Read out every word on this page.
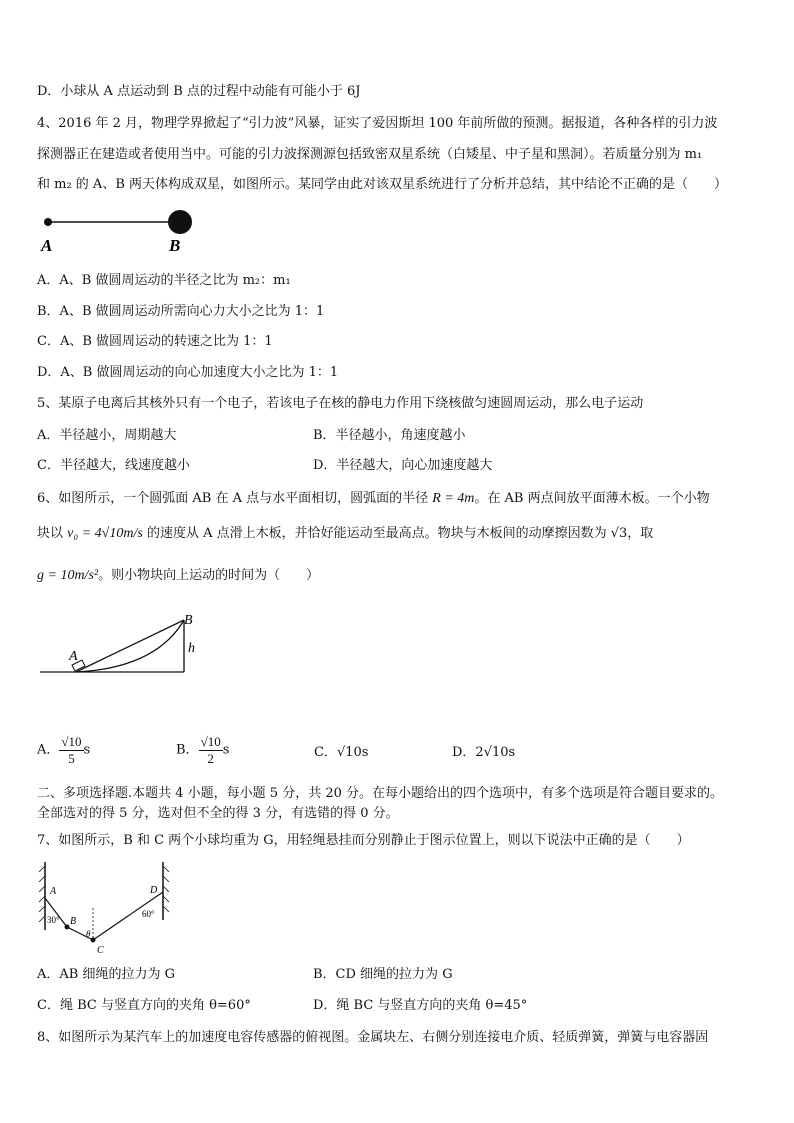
D．小球从 A 点运动到 B 点的过程中动能有可能小于 6J
4、2016 年 2 月，物理学界掀起了“引力波”风暴，证实了爱因斯坦 100 年前所做的预测。据报道，各种各样的引力波
探测器正在建造或者使用当中。可能的引力波探测源包括致密双星系统（白矮星、中子星和黑洞）。若质量分别为 m₁
和 m₂ 的 A、B 两天体构成双星，如图所示。某同学由此对该双星系统进行了分析并总结，其中结论不正确的是（　　）
A	B
A．A、B 做圆周运动的半径之比为 m₂：m₁
B．A、B 做圆周运动所需向心力大小之比为 1：1
C．A、B 做圆周运动的转速之比为 1：1
D．A、B 做圆周运动的向心加速度大小之比为 1：1
5、某原子电离后其核外只有一个电子，若该电子在核的静电力作用下绕核做匀速圆周运动，那么电子运动
A．半径越小，周期越大	B．半径越小，角速度越小
C．半径越大，线速度越小	D．半径越大，向心加速度越大
6、如图所示，一个圆弧面 AB 在 A 点与水平面相切，圆弧面的半径 R = 4m。在 AB 两点间放平面薄木板。一个小物
块以 v₀ = 4√10m/s 的速度从 A 点滑上木板，并恰好能运动至最高点。物块与木板间的动摩擦因数为 √3，取
g = 10m/s²。则小物块向上运动的时间为（　　）
A
B
h
A． $\frac{√10}{5}$ s	B． $\frac{√10}{2}$ s	C．√10s	D．2√10s
二、多项选择题.本题共 4 小题，每小题 5 分，共 20 分。在每小题给出的四个选项中，有多个选项是符合题目要求的。
全部选对的得 5 分，选对但不全的得 3 分，有选错的得 0 分。
7、如图所示，B 和 C 两个小球均重为 G，用轻绳悬挂而分别静止于图示位置上，则以下说法中正确的是（　　）
A
B
C
D
30°
60°
θ
A．AB 细绳的拉力为 G	B．CD 细绳的拉力为 G
C．绳 BC 与竖直方向的夹角 θ=60°	D．绳 BC 与竖直方向的夹角 θ=45°
8、如图所示为某汽车上的加速度电容传感器的俯视图。金属块左、右侧分别连接电介质、轻质弹簧，弹簧与电容器固
